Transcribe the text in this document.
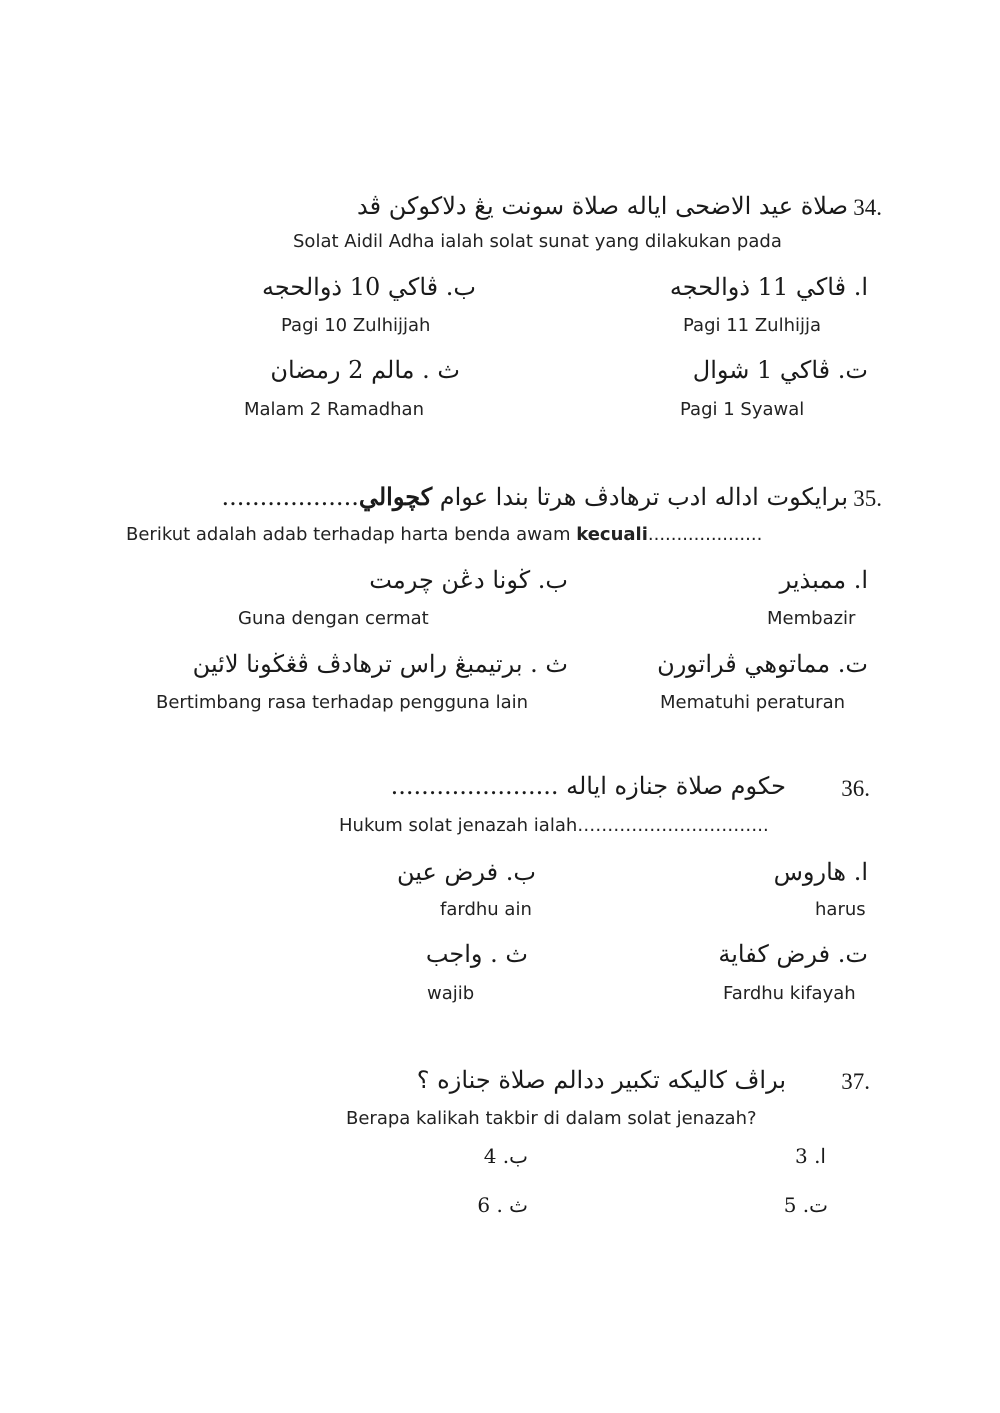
34.
صلاة عيد الاضحى اياله صلاة سونت يڠ دلاكوكن ڤد
Solat Aidil Adha ialah solat sunat yang dilakukan pada
ا. ڤاکي 11 ذوالحجه
Pagi 11 Zulhijja
ب. ڤاکي 10 ذوالحجه
Pagi 10 Zulhijjah
ت. ڤاکي 1 شوال
Pagi 1 Syawal
ث . مالم 2 رمضان
Malam 2 Ramadhan
35.
برايكوت اداله ادب ترهادڤ هرتا بندا عوام كچوالي..................
Berikut adalah adab terhadap harta benda awam kecuali....................
ا. ممبذير
Membazir
ب. ڬونا دڠن چرمت
Guna dengan cermat
ت. مماتوهي ڤراتورن
Mematuhi peraturan
ث . برتيمبڠ راس ترهادڤ ڤڠڬونا لائين
Bertimbang rasa terhadap pengguna lain
36.
حكوم صلاة جنازه اياله ......................
Hukum solat jenazah ialah…………………………..
ا. هاروس
harus
ب. فرض عين
fardhu ain
ت. فرض كفاية
Fardhu kifayah
ث . واجب
wajib
37.
براڤ كاليكه تكبير ددالم صلاة جنازه ؟
Berapa kalikah takbir di dalam solat jenazah?
ا. 3
ب. 4
ت. 5
ث . 6
